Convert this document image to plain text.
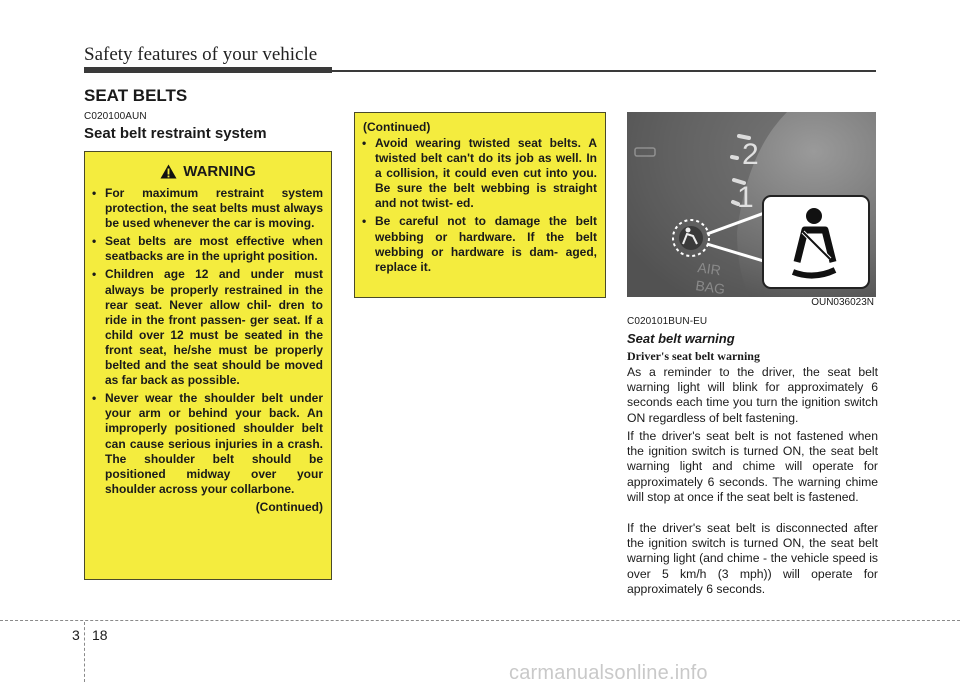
Safety features of your vehicle
SEAT BELTS
C020100AUN
Seat belt restraint system
WARNING
• For maximum restraint system protection, the seat belts must always be used whenever the car is moving.
• Seat belts are most effective when seatbacks are in the upright position.
• Children age 12 and under must always be properly restrained in the rear seat. Never allow chil- dren to ride in the front passen- ger seat. If a child over 12 must be seated in the front seat, he/she must be properly belted and the seat should be moved as far back as possible.
• Never wear the shoulder belt under your arm or behind your back. An improperly positioned shoulder belt can cause serious injuries in a crash. The shoulder belt should be positioned midway over your shoulder across your collarbone.
(Continued)
(Continued)
• Avoid wearing twisted seat belts. A twisted belt can't do its job as well. In a collision, it could even cut into you. Be sure the belt webbing is straight and not twist- ed.
• Be careful not to damage the belt webbing or hardware. If the belt webbing or hardware is dam- aged, replace it.
2
1
AIR
BAG
OUN036023N
C020101BUN-EU
Seat belt warning
Driver's seat belt warning
As a reminder to the driver, the seat belt warning light will blink for approximately 6 seconds each time you turn the ignition switch ON regardless of belt fastening.
If the driver's seat belt is not fastened when the ignition switch is turned ON, the seat belt warning light and chime will operate for approximately 6 seconds. The warning chime will stop at once if the seat belt is fastened.
If the driver's seat belt is disconnected after the ignition switch is turned ON, the seat belt warning light (and chime - the vehicle speed is over 5 km/h (3 mph)) will operate for approximately 6 seconds.
3 18
carmanualsonline.info
